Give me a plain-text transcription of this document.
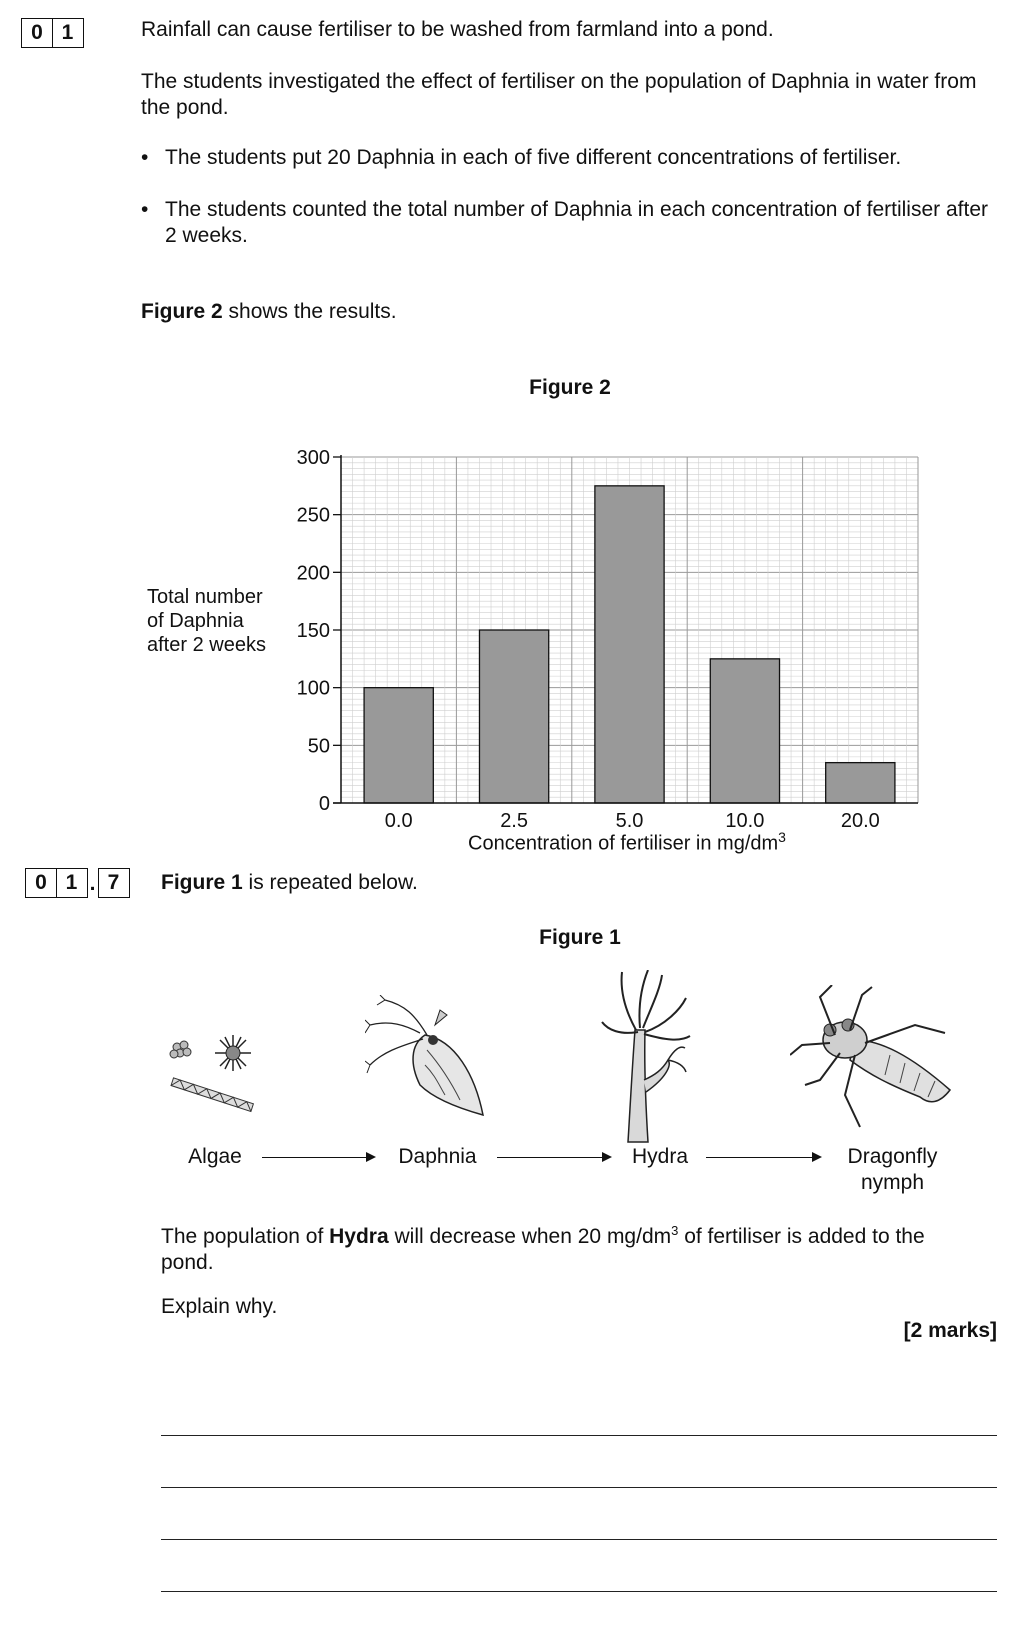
0 1	Rainfall can cause fertiliser to be washed from farmland into a pond.
The students investigated the effect of fertiliser on the population of Daphnia in water from the pond.
• The students put 20 Daphnia in each of five different concentrations of fertiliser.
• The students counted the total number of Daphnia in each concentration of fertiliser after 2 weeks.
Figure 2 shows the results.
Figure 2
Total number
of Daphnia
after 2 weeks
0.0	2.5	5.0	10.0	20.0
0
50
100
150
200
250
300
Concentration of fertiliser in $mg/dm^3$
0 1 . 7	Figure 1 is repeated below.
Figure 1
Algae	Daphnia	Hydra	Dragonfly
nymph
The population of Hydra will decrease when 20 $mg/dm^3$ of fertiliser is added to the pond.
Explain why.
[2 marks]
